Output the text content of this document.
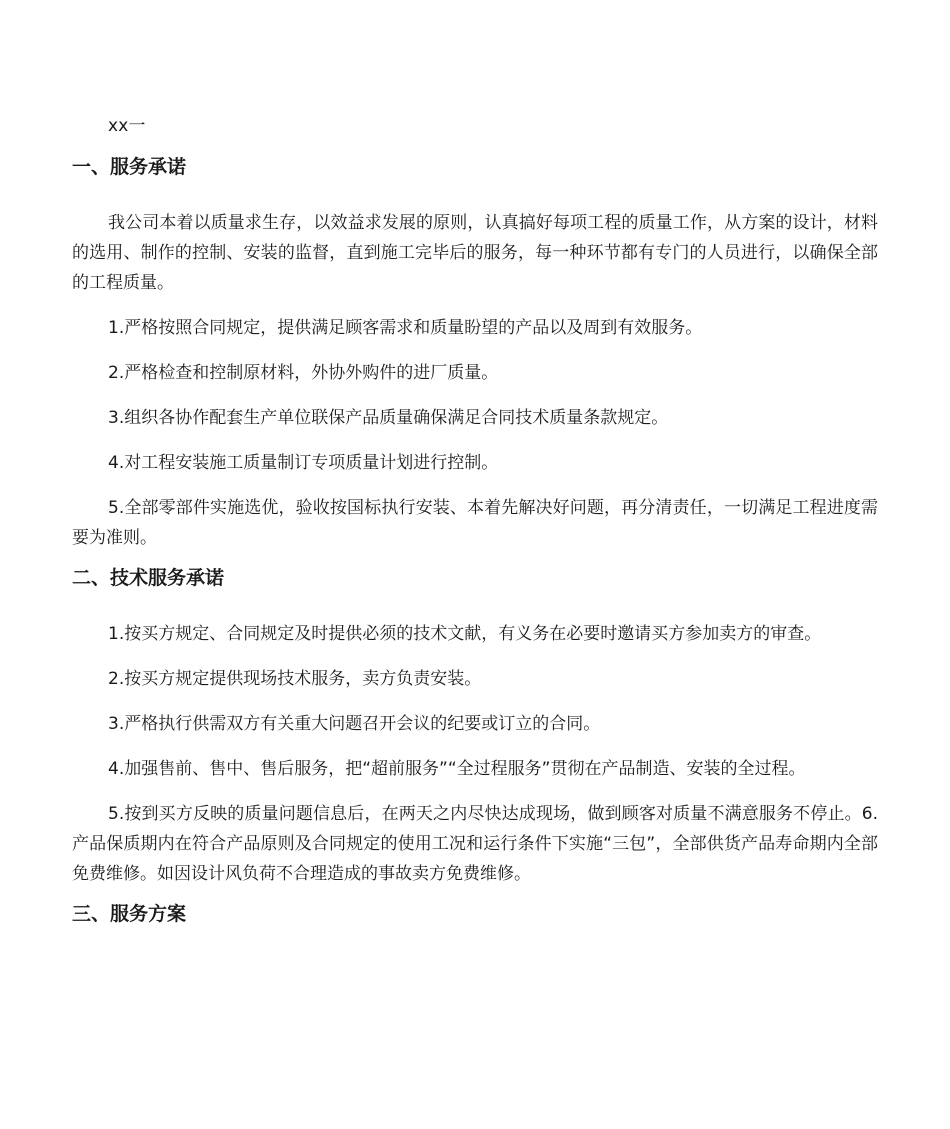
xx一

一、服务承诺

我公司本着以质量求生存，以效益求发展的原则，认真搞好每项工程的质量工作，从方案的设计，材料的选用、制作的控制、安装的监督，直到施工完毕后的服务，每一种环节都有专门的人员进行，以确保全部的工程质量。

1.严格按照合同规定，提供满足顾客需求和质量盼望的产品以及周到有效服务。

2.严格检查和控制原材料，外协外购件的进厂质量。

3.组织各协作配套生产单位联保产品质量确保满足合同技术质量条款规定。

4.对工程安装施工质量制订专项质量计划进行控制。

5.全部零部件实施选优，验收按国标执行安装、本着先解决好问题，再分清责任，一切满足工程进度需要为准则。

二、技术服务承诺

1.按买方规定、合同规定及时提供必须的技术文献，有义务在必要时邀请买方参加卖方的审查。

2.按买方规定提供现场技术服务，卖方负责安装。

3.严格执行供需双方有关重大问题召开会议的纪要或订立的合同。

4.加强售前、售中、售后服务，把“超前服务”“全过程服务”贯彻在产品制造、安装的全过程。

5.按到买方反映的质量问题信息后，在两天之内尽快达成现场，做到顾客对质量不满意服务不停止。6.产品保质期内在符合产品原则及合同规定的使用工况和运行条件下实施“三包”，全部供货产品寿命期内全部免费维修。如因设计风负荷不合理造成的事故卖方免费维修。

三、服务方案
